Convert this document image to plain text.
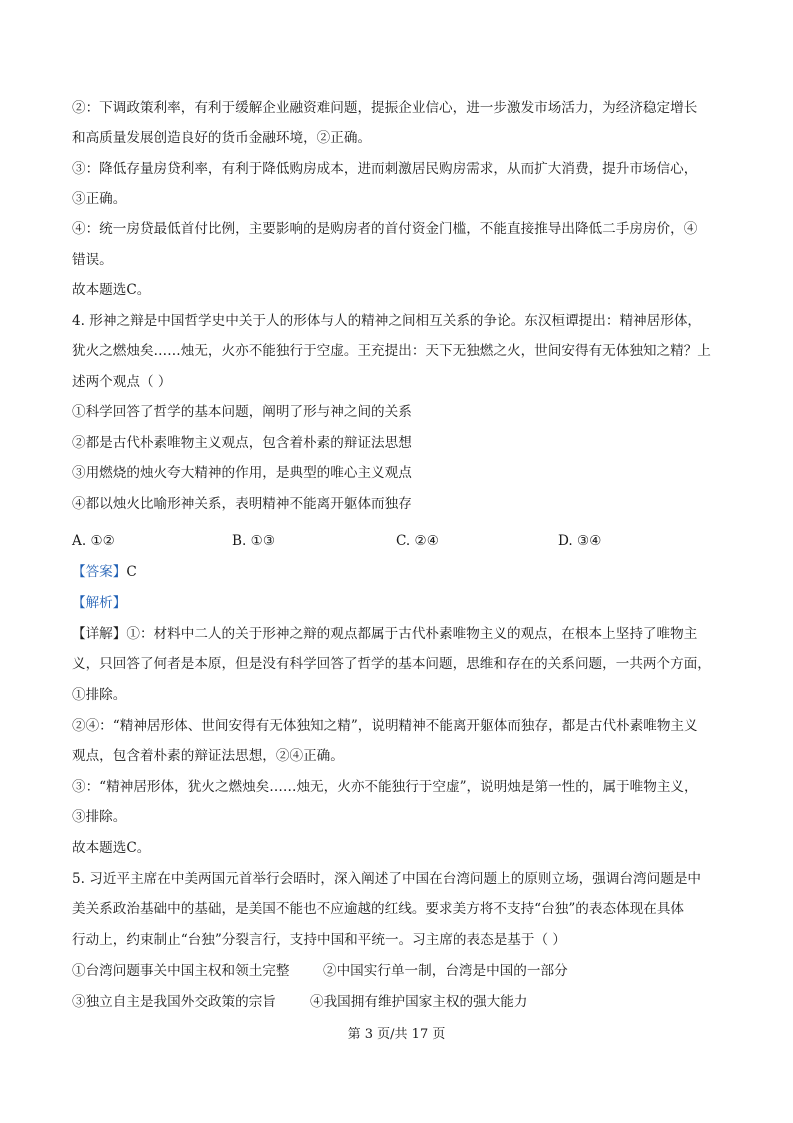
②：下调政策利率，有利于缓解企业融资难问题，提振企业信心，进一步激发市场活力，为经济稳定增长
和高质量发展创造良好的货币金融环境，②正确。
③：降低存量房贷利率，有利于降低购房成本，进而刺激居民购房需求，从而扩大消费，提升市场信心，
③正确。
④：统一房贷最低首付比例，主要影响的是购房者的首付资金门槛，不能直接推导出降低二手房房价，④
错误。
故本题选C。
4. 形神之辩是中国哲学史中关于人的形体与人的精神之间相互关系的争论。东汉桓谭提出：精神居形体，
犹火之燃烛矣……烛无，火亦不能独行于空虚。王充提出：天下无独燃之火，世间安得有无体独知之精？上
述两个观点（ ）
①科学回答了哲学的基本问题，阐明了形与神之间的关系
②都是古代朴素唯物主义观点，包含着朴素的辩证法思想
③用燃烧的烛火夸大精神的作用，是典型的唯心主义观点
④都以烛火比喻形神关系，表明精神不能离开躯体而独存
A. ①②	B. ①③	C. ②④	D. ③④
【答案】C
【解析】
【详解】①：材料中二人的关于形神之辩的观点都属于古代朴素唯物主义的观点，在根本上坚持了唯物主
义，只回答了何者是本原，但是没有科学回答了哲学的基本问题，思维和存在的关系问题，一共两个方面，
①排除。
②④：“精神居形体、世间安得有无体独知之精”，说明精神不能离开躯体而独存，都是古代朴素唯物主义
观点，包含着朴素的辩证法思想，②④正确。
③：“精神居形体，犹火之燃烛矣……烛无，火亦不能独行于空虚”，说明烛是第一性的，属于唯物主义，
③排除。
故本题选C。
5. 习近平主席在中美两国元首举行会晤时，深入阐述了中国在台湾问题上的原则立场，强调台湾问题是中
美关系政治基础中的基础，是美国不能也不应逾越的红线。要求美方将不支持“台独”的表态体现在具体
行动上，约束制止“台独”分裂言行，支持中国和平统一。习主席的表态是基于（ ）
①台湾问题事关中国主权和领土完整 ②中国实行单一制，台湾是中国的一部分
③独立自主是我国外交政策的宗旨	④我国拥有维护国家主权的强大能力
第 3 页/共 17 页
